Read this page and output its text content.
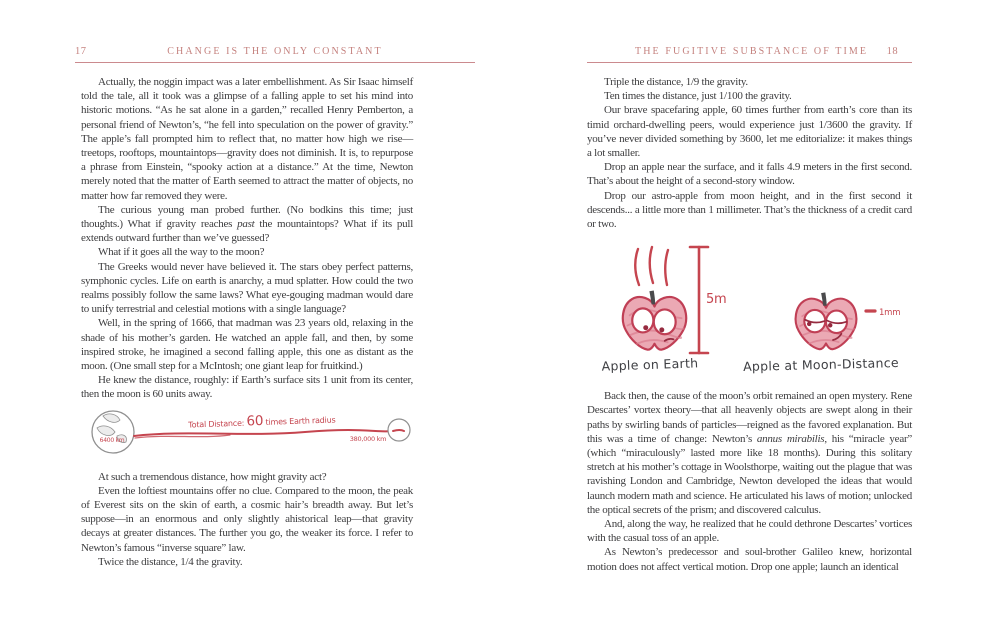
17	CHANGE IS THE ONLY CONSTANT

Actually, the noggin impact was a later embellishment. As Sir Isaac himself told the tale, all it took was a glimpse of a falling apple to set his mind into historic motions. “As he sat alone in a garden,” recalled Henry Pemberton, a personal friend of Newton’s, “he fell into speculation on the power of gravity.” The apple’s fall prompted him to reflect that, no matter how high we rise—treetops, rooftops, mountaintops—gravity does not diminish. It is, to repurpose a phrase from Einstein, “spooky action at a distance.” At the time, Newton merely noted that the matter of Earth seemed to attract the matter of objects, no matter how far removed they were.

The curious young man probed further. (No bodkins this time; just thoughts.) What if gravity reaches past the mountaintops? What if its pull extends outward further than we’ve guessed?

What if it goes all the way to the moon?

The Greeks would never have believed it. The stars obey perfect patterns, symphonic cycles. Life on earth is anarchy, a mud splatter. How could the two realms possibly follow the same laws? What eye-gouging madman would dare to unify terrestrial and celestial motions with a single language?

Well, in the spring of 1666, that madman was 23 years old, relaxing in the shade of his mother’s garden. He watched an apple fall, and then, by some inspired stroke, he imagined a second falling apple, this one as distant as the moon. (One small step for a McIntosh; one giant leap for fruitkind.)

He knew the distance, roughly: if Earth’s surface sits 1 unit from its center, then the moon is 60 units away.

Total Distance: 60 times Earth radius
6400 km	380,000 km

At such a tremendous distance, how might gravity act?

Even the loftiest mountains offer no clue. Compared to the moon, the peak of Everest sits on the skin of earth, a cosmic hair’s breadth away. But let’s suppose—in an enormous and only slightly ahistorical leap—that gravity decays at greater distances. The further you go, the weaker its force. I refer to Newton’s famous “inverse square” law.

Twice the distance, 1/4 the gravity.

THE FUGITIVE SUBSTANCE OF TIME	18

Triple the distance, 1/9 the gravity.

Ten times the distance, just 1/100 the gravity.

Our brave spacefaring apple, 60 times further from earth’s core than its timid orchard-dwelling peers, would experience just 1/3600 the gravity. If you’ve never divided something by 3600, let me editorialize: it makes things a lot smaller.

Drop an apple near the surface, and it falls 4.9 meters in the first second. That’s about the height of a second-story window.

Drop our astro-apple from moon height, and in the first second it descends... a little more than 1 millimeter. That’s the thickness of a credit card or two.

5m
1mm
Apple on Earth	Apple at Moon-Distance

Back then, the cause of the moon’s orbit remained an open mystery. Rene Descartes’ vortex theory—that all heavenly objects are swept along in their paths by swirling bands of particles—reigned as the favored explanation. But this was a time of change: Newton’s annus mirabilis, his “miracle year” (which “miraculously” lasted more like 18 months). During this solitary stretch at his mother’s cottage in Woolsthorpe, waiting out the plague that was ravishing London and Cambridge, Newton developed the ideas that would launch modern math and science. He articulated his laws of motion; unlocked the optical secrets of the prism; and discovered calculus.

And, along the way, he realized that he could dethrone Descartes’ vortices with the casual toss of an apple.

As Newton’s predecessor and soul-brother Galileo knew, horizontal motion does not affect vertical motion. Drop one apple; launch an identical
